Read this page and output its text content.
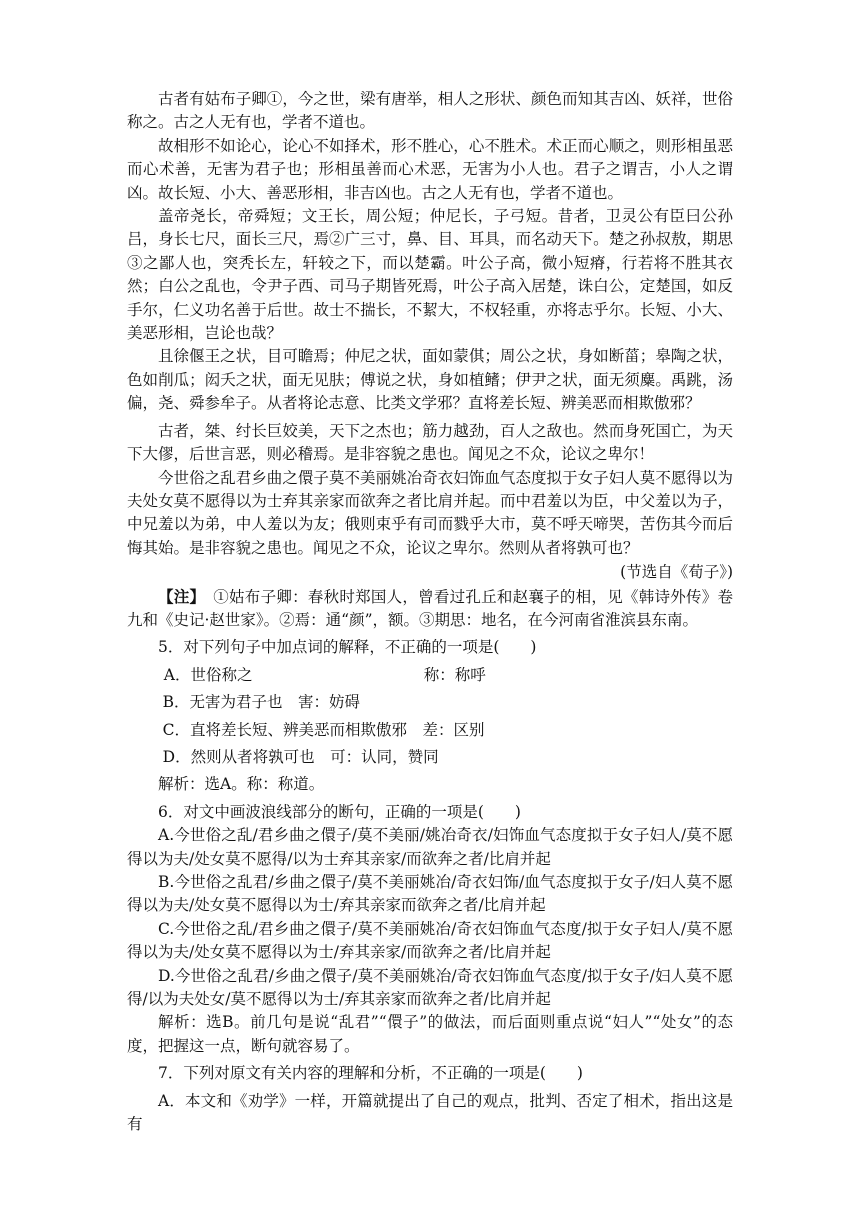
古者有姑布子卿①，今之世，梁有唐举，相人之形状、颜色而知其吉凶、妖祥，世俗称之。古之人无有也，学者不道也。

故相形不如论心，论心不如择术，形不胜心，心不胜术。术正而心顺之，则形相虽恶而心术善，无害为君子也；形相虽善而心术恶，无害为小人也。君子之谓吉，小人之谓凶。故长短、小大、善恶形相，非吉凶也。古之人无有也，学者不道也。

盖帝尧长，帝舜短；文王长，周公短；仲尼长，子弓短。昔者，卫灵公有臣曰公孙吕，身长七尺，面长三尺，焉②广三寸，鼻、目、耳具，而名动天下。楚之孙叔敖，期思③之鄙人也，突秃长左，轩较之下，而以楚霸。叶公子高，微小短瘠，行若将不胜其衣然；白公之乱也，令尹子西、司马子期皆死焉，叶公子高入居楚，诛白公，定楚国，如反手尔，仁义功名善于后世。故士不揣长，不絜大，不权轻重，亦将志乎尔。长短、小大、美恶形相，岂论也哉？

且徐偃王之状，目可瞻焉；仲尼之状，面如蒙倛；周公之状，身如断菑；皋陶之状，色如削瓜；闳夭之状，面无见肤；傅说之状，身如植鳍；伊尹之状，面无须麋。禹跳，汤偏，尧、舜参牟子。从者将论志意、比类文学邪？直将差长短、辨美恶而相欺傲邪？

古者，桀、纣长巨姣美，天下之杰也；筋力越劲，百人之敌也。然而身死国亡，为天下大僇，后世言恶，则必稽焉。是非容貌之患也。闻见之不众，论议之卑尔！

今世俗之乱君乡曲之儇子莫不美丽姚冶奇衣妇饰血气态度拟于女子妇人莫不愿得以为夫处女莫不愿得以为士弃其亲家而欲奔之者比肩并起。而中君羞以为臣，中父羞以为子，中兄羞以为弟，中人羞以为友；俄则束乎有司而戮乎大市，莫不呼天啼哭，苦伤其今而后悔其始。是非容貌之患也。闻见之不众，论议之卑尔。然则从者将孰可也？

(节选自《荀子》)

【注】　 ①姑布子卿：春秋时郑国人，曾看过孔丘和赵襄子的相，见《韩诗外传》卷九和《史记·赵世家》。②焉：通“颜”，额。③期思：地名，在今河南省淮滨县东南。

5．对下列句子中加点词的解释，不正确的一项是(　　)

A．世俗称之	称：称呼

B．无害为君子也　害：妨碍

C．直将差长短、辨美恶而相欺傲邪　差：区别

D．然则从者将孰可也　可：认同，赞同

解析：选A。称：称道。

6．对文中画波浪线部分的断句，正确的一项是(　　)

A.今世俗之乱/君乡曲之儇子/莫不美丽/姚冶奇衣/妇饰血气态度拟于女子妇人/莫不愿得以为夫/处女莫不愿得/以为士弃其亲家/而欲奔之者/比肩并起

B.今世俗之乱君/乡曲之儇子/莫不美丽姚冶/奇衣妇饰/血气态度拟于女子/妇人莫不愿得以为夫/处女莫不愿得以为士/弃其亲家而欲奔之者/比肩并起

C.今世俗之乱/君乡曲之儇子/莫不美丽姚冶/奇衣妇饰血气态度/拟于女子妇人/莫不愿得以为夫/处女莫不愿得以为士/弃其亲家/而欲奔之者/比肩并起

D.今世俗之乱君/乡曲之儇子/莫不美丽姚冶/奇衣妇饰血气态度/拟于女子/妇人莫不愿得/以为夫处女/莫不愿得以为士/弃其亲家而欲奔之者/比肩并起

解析：选B。前几句是说“乱君”“儇子”的做法，而后面则重点说“妇人”“处女”的态度，把握这一点，断句就容易了。

7．下列对原文有关内容的理解和分析，不正确的一项是(　　)

A．本文和《劝学》一样，开篇就提出了自己的观点，批判、否定了相术，指出这是有
